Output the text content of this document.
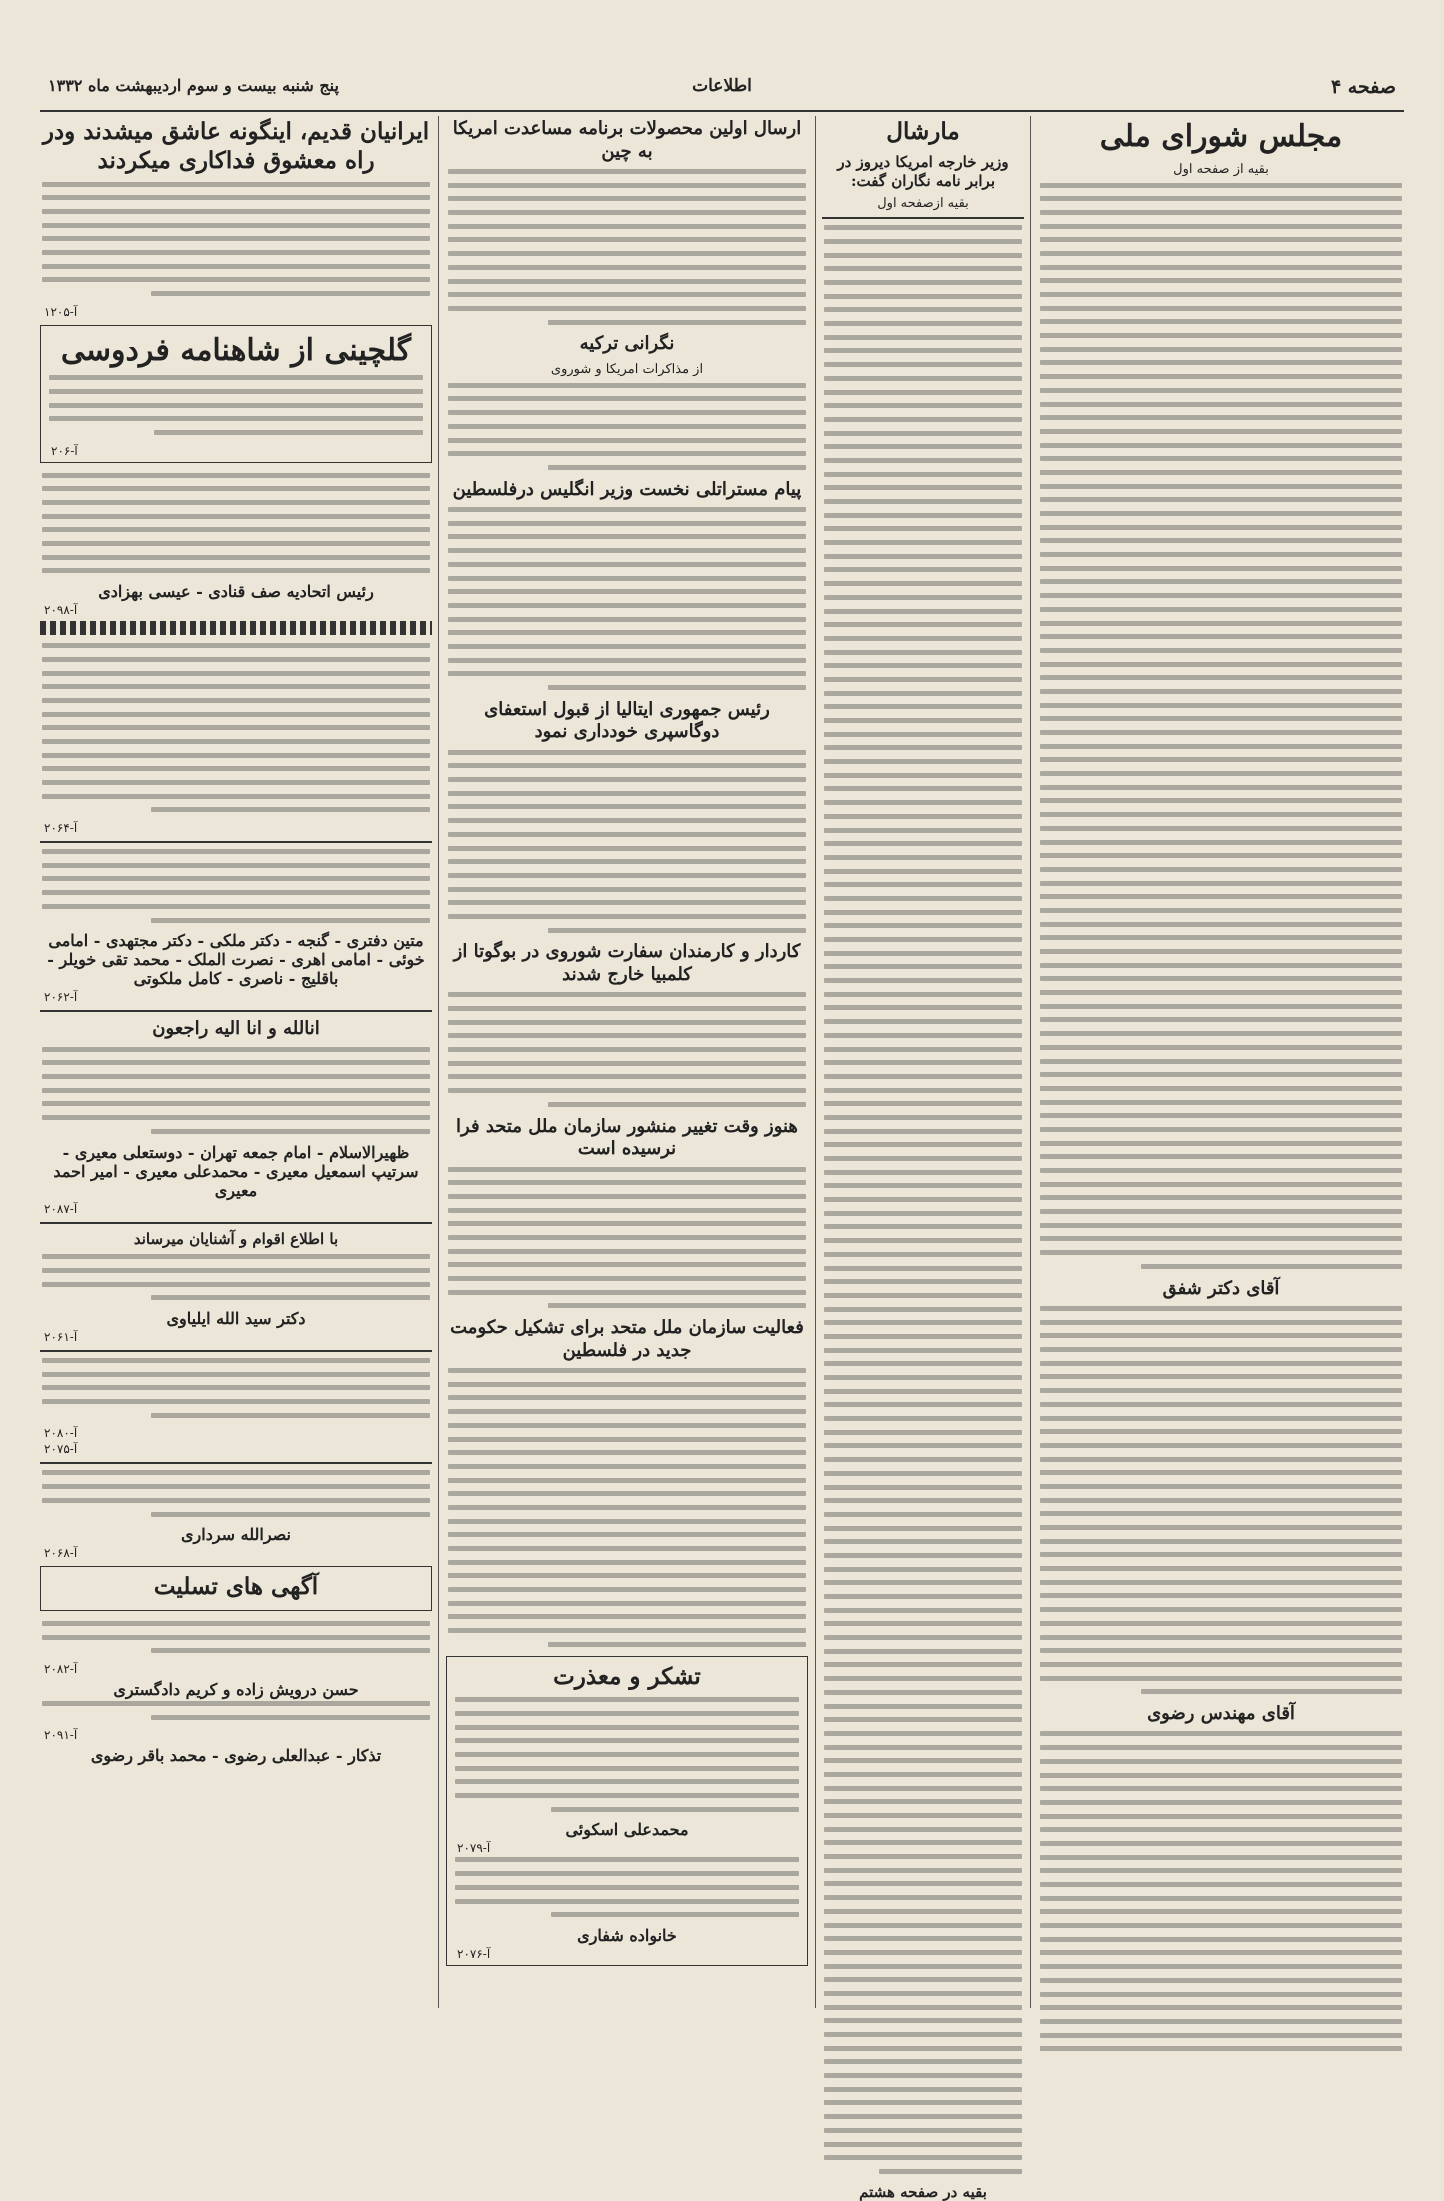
صفحه ۴
اطلاعات
پنج شنبه بیست و سوم اردیبهشت ماه ۱۳۳۲
مجلس شورای ملی
بقیه از صفحه اول
آقای دکتر شفق
آقای مهندس رضوی
مارشال
وزیر خارجه امریکا دیروز در برابر نامه نگاران گفت:
بقیه ازصفحه اول
بقیه در صفحه هشتم
ارسال اولین محصولات برنامه مساعدت امریکا به چین
نگرانی ترکیه
از مذاکرات امریکا و شوروی
پیام مستراتلی نخست وزیر انگلیس درفلسطین
رئیس جمهوری ایتالیا از قبول استعفای دوگاسپری خودداری نمود
کاردار و کارمندان سفارت شوروی در بوگوتا از کلمبیا خارج شدند
هنوز وقت تغییر منشور سازمان ملل متحد فرا نرسیده است
فعالیت سازمان ملل متحد برای تشکیل حکومت جدید در فلسطین
تشکر و معذرت
محمدعلی اسکوئی
آ-۲۰۷۹
خانواده شفاری
آ-۲۰۷۶
ایرانیان قدیم، اینگونه عاشق میشدند ودر راه معشوق فداکاری میکردند
آ-۱۲۰۵
گلچینی از شاهنامه فردوسی
آ-۲۰۶
رئیس اتحادیه صف قنادی - عیسی بهزادی
آ-۲۰۹۸
آ-۲۰۶۴
متین دفتری - گنجه - دکتر ملکی - دکتر مجتهدی - امامی خوئی - امامی اهری - نصرت الملک - محمد تقی خویلر - باقلیج - ناصری - کامل ملکوتی
آ-۲۰۶۲
انالله و انا الیه راجعون
ظهیرالاسلام - امام جمعه تهران - دوستعلی معیری - سرتیپ اسمعیل معیری - محمدعلی معیری - امیر احمد معیری
آ-۲۰۸۷
با اطلاع اقوام و آشنایان میرساند
دکتر سید الله ایلیاوی
آ-۲۰۶۱
آ-۲۰۸۰
آ-۲۰۷۵
نصرالله سرداری
آ-۲۰۶۸
آگهی های تسلیت
آ-۲۰۸۲
حسن درویش زاده و کریم دادگستری
آ-۲۰۹۱
تذکار - عبدالعلی رضوی - محمد باقر رضوی
